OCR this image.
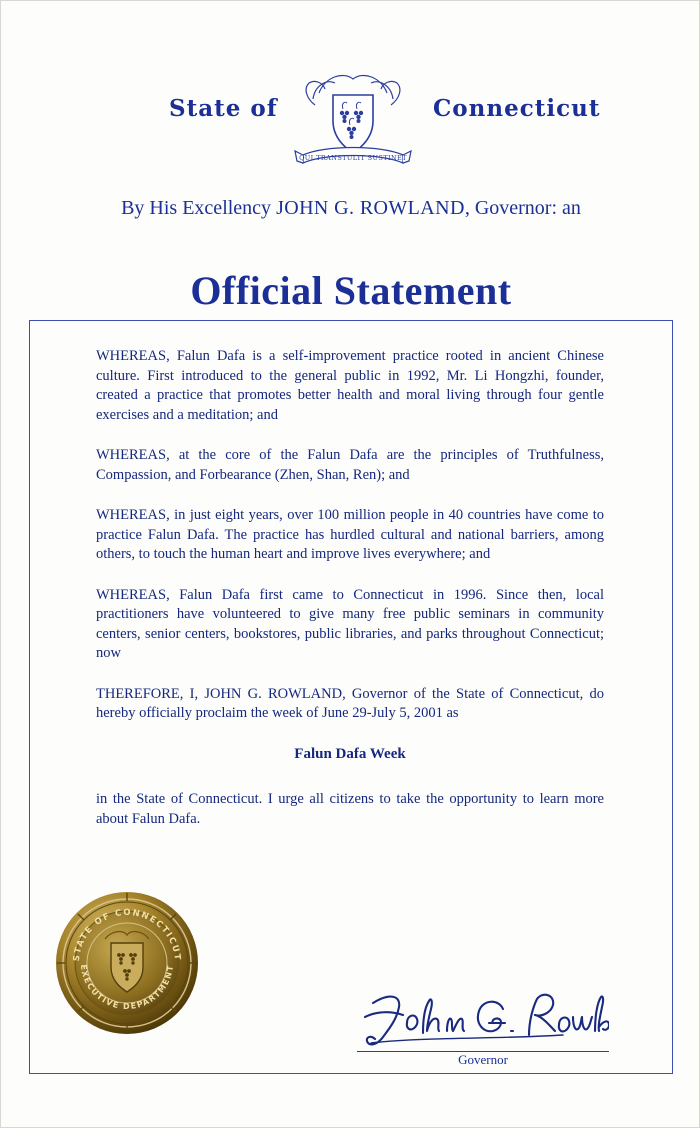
State of	Connecticut
QUI TRANSTULIT SUSTINET
By His Excellency JOHN G. ROWLAND, Governor: an
Official Statement

WHEREAS, Falun Dafa is a self-improvement practice rooted in ancient Chinese culture. First introduced to the general public in 1992, Mr. Li Hongzhi, founder, created a practice that promotes better health and moral living through four gentle exercises and a meditation; and

WHEREAS, at the core of the Falun Dafa are the principles of Truthfulness, Compassion, and Forbearance (Zhen, Shan, Ren); and

WHEREAS, in just eight years, over 100 million people in 40 countries have come to practice Falun Dafa. The practice has hurdled cultural and national barriers, among others, to touch the human heart and improve lives everywhere; and

WHEREAS, Falun Dafa first came to Connecticut in 1996. Since then, local practitioners have volunteered to give many free public seminars in community centers, senior centers, bookstores, public libraries, and parks throughout Connecticut; now

THEREFORE, I, JOHN G. ROWLAND, Governor of the State of Connecticut, do hereby officially proclaim the week of June 29-July 5, 2001 as

Falun Dafa Week

in the State of Connecticut. I urge all citizens to take the opportunity to learn more about Falun Dafa.

STATE OF CONNECTICUT
EXECUTIVE DEPARTMENT
Governor
